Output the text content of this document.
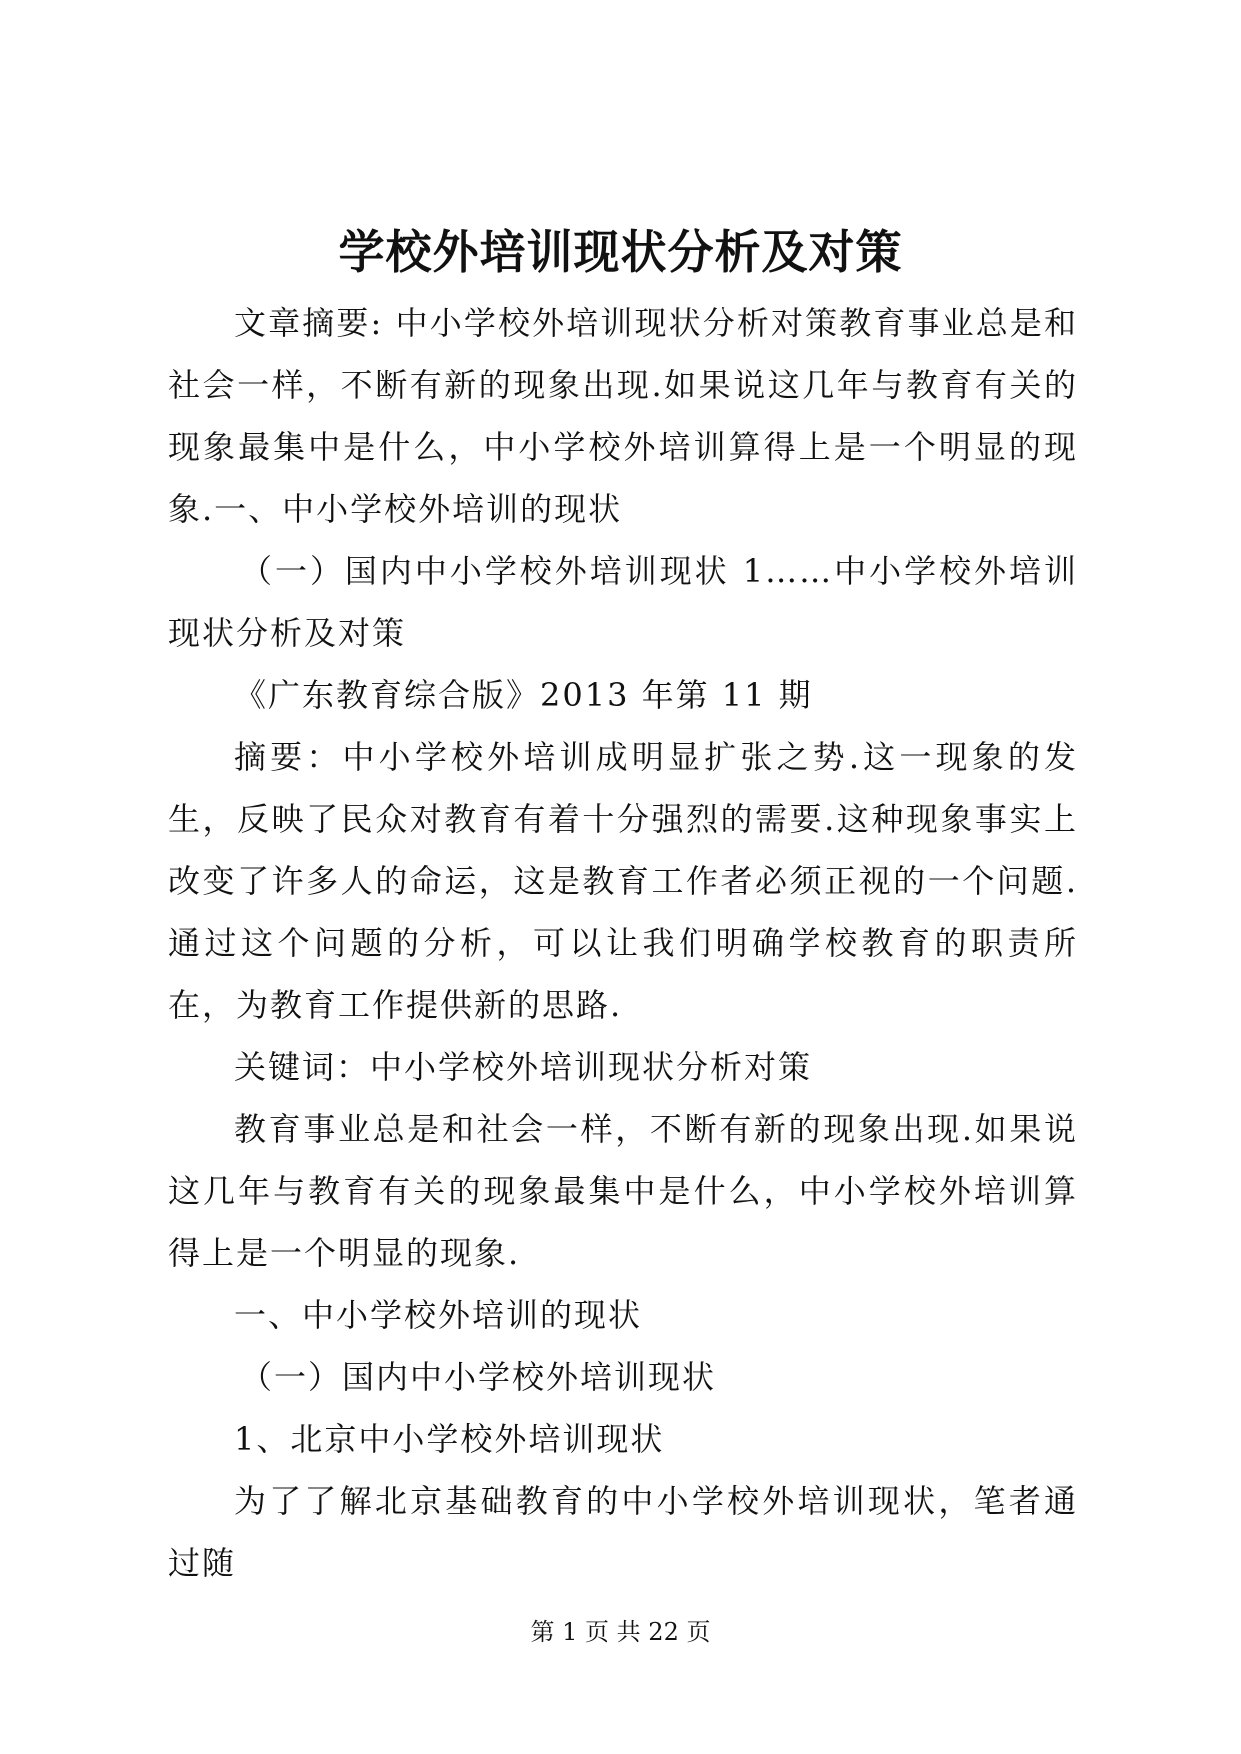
学校外培训现状分析及对策

文章摘要: 中小学校外培训现状分析对策教育事业总是和社会一样，不断有新的现象出现.如果说这几年与教育有关的现象最集中是什么，中小学校外培训算得上是一个明显的现象.一、中小学校外培训的现状

（一）国内中小学校外培训现状 1……中小学校外培训现状分析及对策

《广东教育综合版》2013 年第 11 期

摘要：中小学校外培训成明显扩张之势.这一现象的发生，反映了民众对教育有着十分强烈的需要.这种现象事实上改变了许多人的命运，这是教育工作者必须正视的一个问题.通过这个问题的分析，可以让我们明确学校教育的职责所在，为教育工作提供新的思路.

关键词：中小学校外培训现状分析对策

教育事业总是和社会一样，不断有新的现象出现.如果说这几年与教育有关的现象最集中是什么，中小学校外培训算得上是一个明显的现象.

一、中小学校外培训的现状

（一）国内中小学校外培训现状

1、北京中小学校外培训现状

为了了解北京基础教育的中小学校外培训现状，笔者通过随

第 1 页 共 22 页
